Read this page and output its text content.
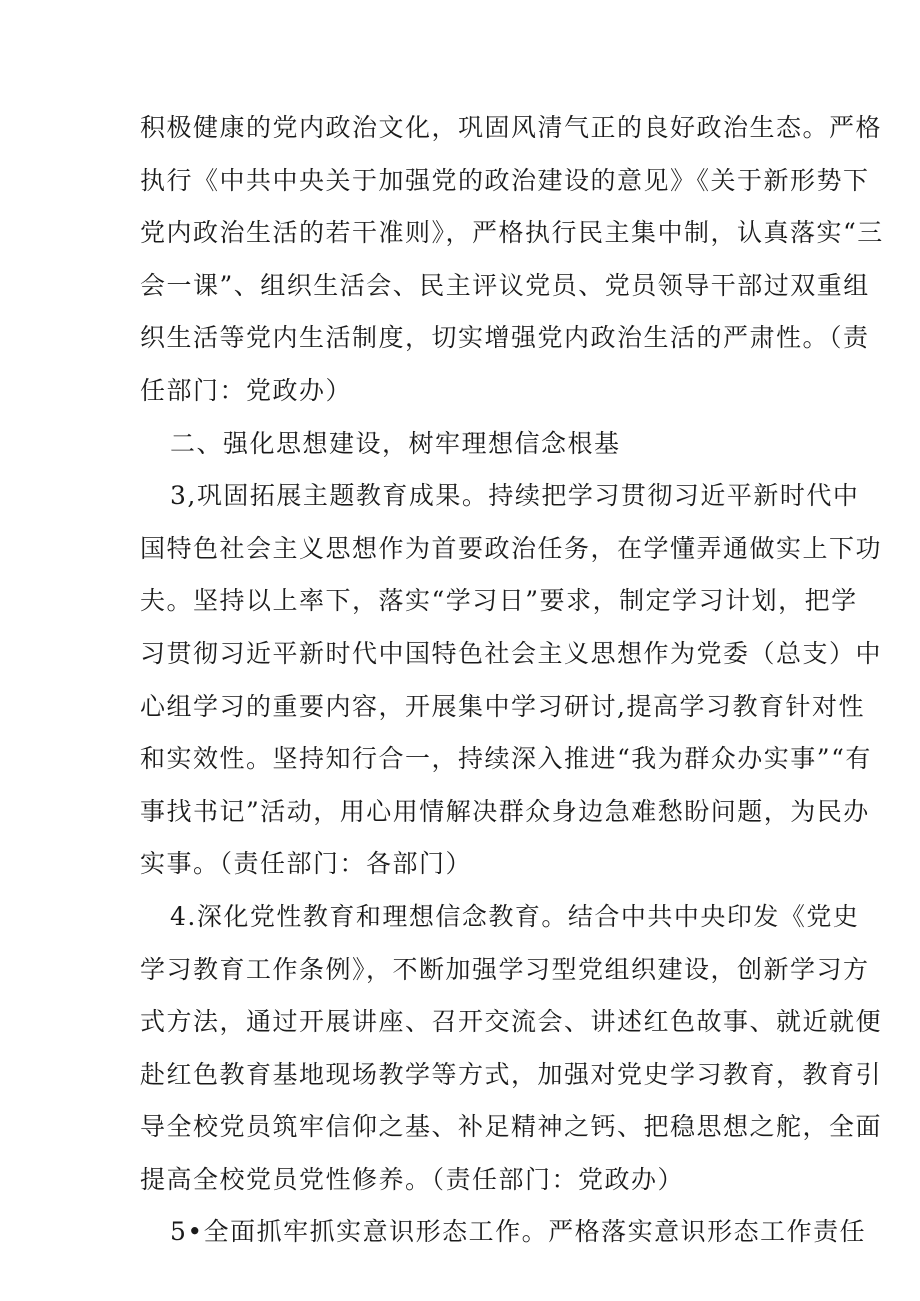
积极健康的党内政治文化，巩固风清气正的良好政治生态。严格
执行《中共中央关于加强党的政治建设的意见》《关于新形势下
党内政治生活的若干准则》，严格执行民主集中制，认真落实“三
会一课”、组织生活会、民主评议党员、党员领导干部过双重组
织生活等党内生活制度，切实增强党内政治生活的严肃性。（责
任部门：党政办）
二、强化思想建设，树牢理想信念根基
3,巩固拓展主题教育成果。持续把学习贯彻习近平新时代中
国特色社会主义思想作为首要政治任务，在学懂弄通做实上下功
夫。坚持以上率下，落实“学习日”要求，制定学习计划，把学
习贯彻习近平新时代中国特色社会主义思想作为党委（总支）中
心组学习的重要内容，开展集中学习研讨,提高学习教育针对性
和实效性。坚持知行合一，持续深入推进“我为群众办实事”“有
事找书记”活动，用心用情解决群众身边急难愁盼问题，为民办
实事。（责任部门：各部门）
4.深化党性教育和理想信念教育。结合中共中央印发《党史
学习教育工作条例》，不断加强学习型党组织建设，创新学习方
式方法，通过开展讲座、召开交流会、讲述红色故事、就近就便
赴红色教育基地现场教学等方式，加强对党史学习教育，教育引
导全校党员筑牢信仰之基、补足精神之钙、把稳思想之舵，全面
提高全校党员党性修养。（责任部门：党政办）
5•全面抓牢抓实意识形态工作。严格落实意识形态工作责任
